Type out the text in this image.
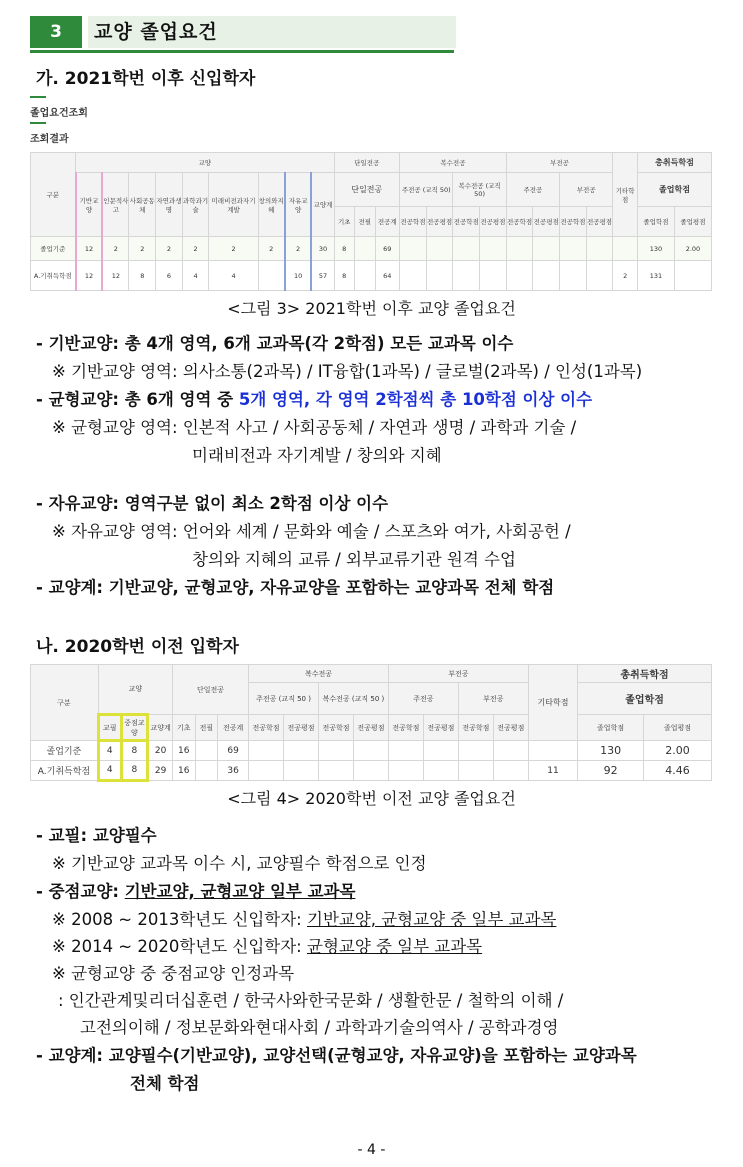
3	교양 졸업요건
가. 2021학번 이후 신입학자
졸업요건조회
조회결과
구분	교양									단일전공			복수전공				부전공				기타학점	총취득학점	
	기반교양	인문적사고	사회공동체	자연과생명	과학과기술	미래비전과자기계발	창의와지혜	자유교양	교양계	단일전공			주전공 (교직 50)		복수전공 (교직 50)		주전공		부전공			졸업학점	
										기초	전필	전공계	전공학점	전공평점	전공학점	전공평점	전공학점	전공평점	전공학점	전공평점		졸업학점	졸업평점
졸업기준	12	2	2	2	2	2	2	2	30	8		69										130	2.00
A.기취득학점	12	12	8	6	4	4		10	57	8		64									2	131	
<그림 3> 2021학번 이후 교양 졸업요건
- 기반교양: 총 4개 영역, 6개 교과목(각 2학점) 모든 교과목 이수
※ 기반교양 영역: 의사소통(2과목) / IT융합(1과목) / 글로벌(2과목) / 인성(1과목)
- 균형교양: 총 6개 영역 중 5개 영역, 각 영역 2학점씩 총 10학점 이상 이수
※ 균형교양 영역: 인본적 사고 / 사회공동체 / 자연과 생명 / 과학과 기술 /
미래비전과 자기계발 / 창의와 지혜
- 자유교양: 영역구분 없이 최소 2학점 이상 이수
※ 자유교양 영역: 언어와 세계 / 문화와 예술 / 스포츠와 여가, 사회공헌 /
창의와 지혜의 교류 / 외부교류기관 원격 수업
- 교양계: 기반교양, 균형교양, 자유교양을 포함하는 교양과목 전체 학점
나. 2020학번 이전 입학자
구분	교양			단일전공			복수전공				부전공				기타학점	총취득학점	
							주전공 (교직 50 )		복수전공 (교직 50 )		주전공		부전공			졸업학점	
	교필	중점교양	교양계	기초	전필	전공계	전공학점	전공평점	전공학점	전공평점	전공학점	전공평점	전공학점	전공평점		졸업학점	졸업평점
졸업기준	4	8	20	16		69										130	2.00
A.기취득학점	4	8	29	16		36									11	92	4.46
<그림 4> 2020학번 이전 교양 졸업요건
- 교필: 교양필수
※ 기반교양 교과목 이수 시, 교양필수 학점으로 인정
- 중점교양: 기반교양, 균형교양 일부 교과목
※ 2008 ~ 2013학년도 신입학자: 기반교양, 균형교양 중 일부 교과목
※ 2014 ~ 2020학년도 신입학자: 균형교양 중 일부 교과목
※ 균형교양 중 중점교양 인정과목
: 인간관계및리더십훈련 / 한국사와한국문화 / 생활한문 / 철학의 이해 /
고전의이해 / 정보문화와현대사회 / 과학과기술의역사 / 공학과경영
- 교양계: 교양필수(기반교양), 교양선택(균형교양, 자유교양)을 포함하는 교양과목
전체 학점
- 4 -
